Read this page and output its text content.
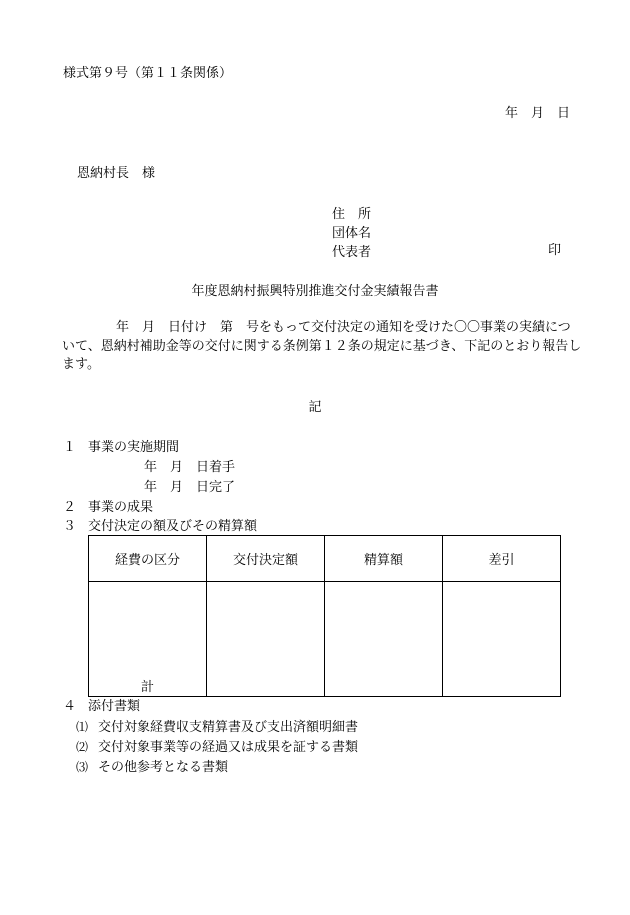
様式第９号（第１１条関係）
年　月　日
恩納村長　様
住　所
団体名
代表者	印
年度恩納村振興特別推進交付金実績報告書
年　月　日付け　第　号をもって交付決定の通知を受けた〇〇事業の実績について、恩納村補助金等の交付に関する条例第１２条の規定に基づき、下記のとおり報告します。
記
１ 事業の実施期間
年　月　日着手
年　月　日完了
２ 事業の成果
３ 交付決定の額及びその精算額
経費の区分	交付決定額	精算額	差引
計			
４ 添付書類
⑴ 交付対象経費収支精算書及び支出済額明細書
⑵ 交付対象事業等の経過又は成果を証する書類
⑶ その他参考となる書類
